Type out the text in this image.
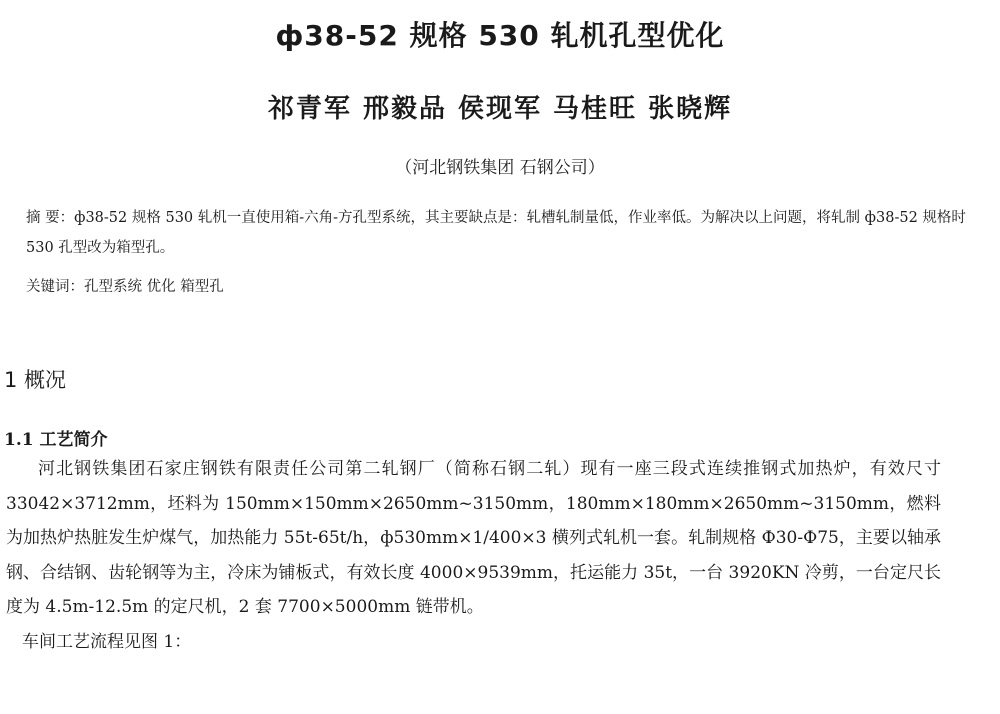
ф38-52 规格 530 轧机孔型优化
祁青军 邢毅品 侯现军 马桂旺 张晓辉
（河北钢铁集团 石钢公司）
摘 要：ф38-52 规格 530 轧机一直使用箱-六角-方孔型系统，其主要缺点是：轧槽轧制量低，作业率低。为解决以上问题，将轧制 ф38-52 规格时 530 孔型改为箱型孔。
关键词：孔型系统 优化 箱型孔
1 概况
1.1 工艺简介

河北钢铁集团石家庄钢铁有限责任公司第二轧钢厂（简称石钢二轧）现有一座三段式连续推钢式加热炉，有效尺寸 33042×3712mm，坯料为 150mm×150mm×2650mm~3150mm，180mm×180mm×2650mm~3150mm，燃料为加热炉热脏发生炉煤气，加热能力 55t-65t/h，ф530mm×1/400×3 横列式轧机一套。轧制规格 Ф30-Ф75，主要以轴承钢、合结钢、齿轮钢等为主，冷床为铺板式，有效长度 4000×9539mm，托运能力 35t，一台 3920KN 冷剪，一台定尺长度为 4.5m-12.5m 的定尺机，2 套 7700×5000mm 链带机。

车间工艺流程见图 1：
